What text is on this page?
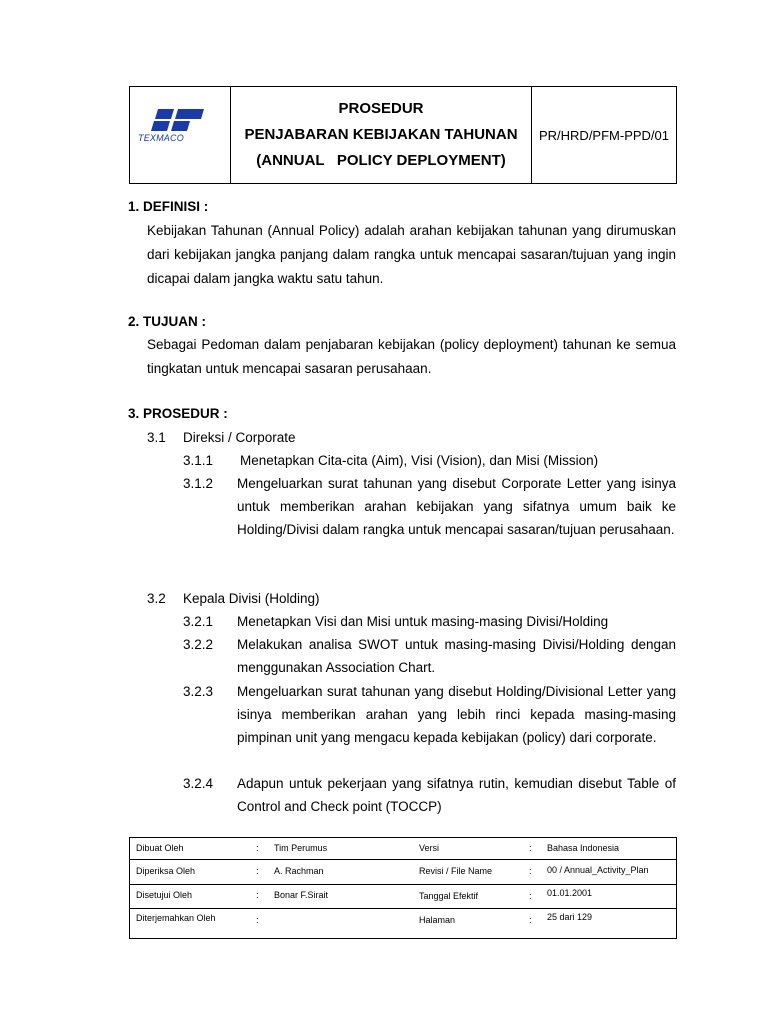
TEXMACO
PROSEDUR
PENJABARAN KEBIJAKAN TAHUNAN
(ANNUAL   POLICY DEPLOYMENT)
PR/HRD/PFM-PPD/01
1. DEFINISI :
Kebijakan Tahunan (Annual Policy) adalah arahan kebijakan tahunan yang dirumuskan dari kebijakan jangka panjang dalam rangka untuk mencapai sasaran/tujuan yang ingin dicapai dalam jangka waktu satu tahun.
2. TUJUAN :
Sebagai Pedoman dalam penjabaran kebijakan (policy deployment) tahunan ke semua tingkatan untuk mencapai sasaran perusahaan.
3. PROSEDUR :
3.1 Direksi / Corporate
3.1.1 Menetapkan Cita-cita (Aim), Visi (Vision), dan Misi (Mission)
3.1.2 Mengeluarkan surat tahunan yang disebut Corporate Letter yang isinya untuk memberikan arahan kebijakan yang sifatnya umum baik ke Holding/Divisi dalam rangka untuk mencapai sasaran/tujuan perusahaan.
3.2 Kepala Divisi (Holding)
3.2.1 Menetapkan Visi dan Misi untuk masing-masing Divisi/Holding
3.2.2 Melakukan analisa SWOT untuk masing-masing Divisi/Holding dengan menggunakan Association Chart.
3.2.3 Mengeluarkan surat tahunan yang disebut Holding/Divisional Letter yang isinya memberikan arahan yang lebih rinci kepada masing-masing pimpinan unit yang mengacu kepada kebijakan (policy) dari corporate.
3.2.4 Adapun untuk pekerjaan yang sifatnya rutin, kemudian disebut Table of Control and Check point (TOCCP)
Dibuat Oleh	: Tim Perumus	Versi	: Bahasa Indonesia
Diperiksa Oleh	: A. Rachman	Revisi / File Name	: 00 / Annual_Activity_Plan
Disetujui Oleh	: Bonar F.Sirait	Tanggal Efektif	: 01.01.2001
Diterjemahkan Oleh	:	Halaman	: 25 dari 129
